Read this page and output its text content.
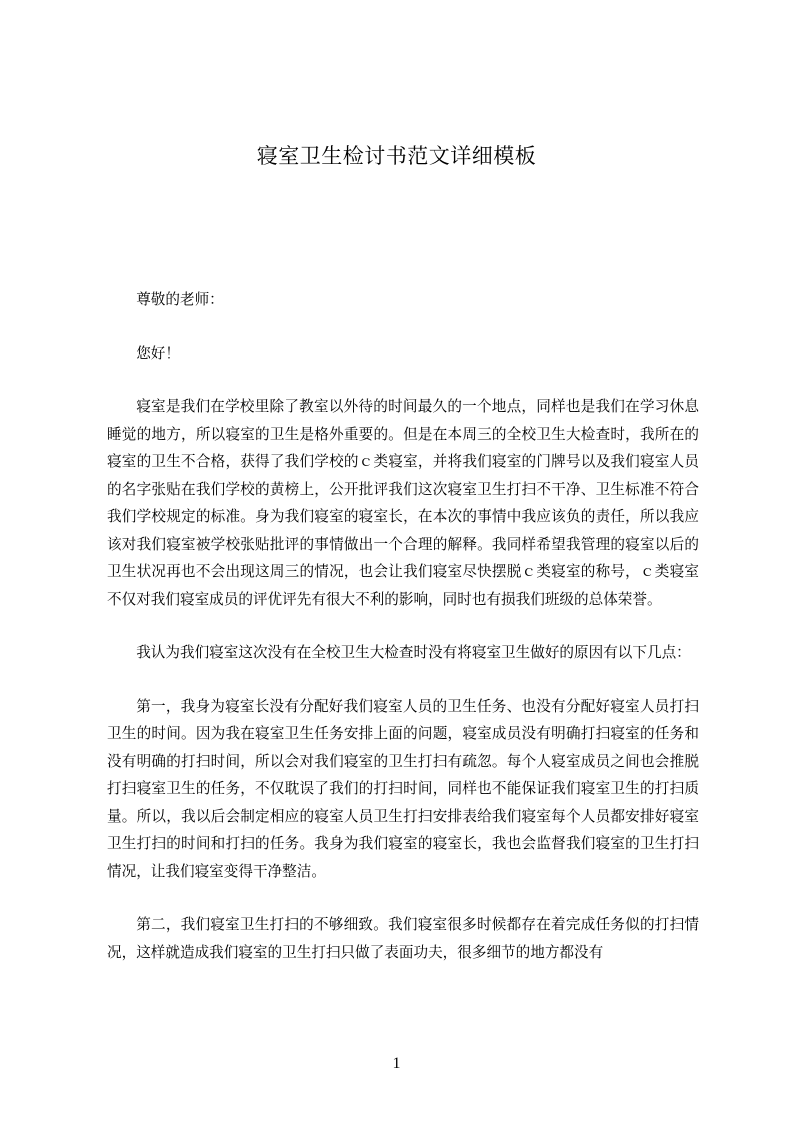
寝室卫生检讨书范文详细模板

尊敬的老师：

您好！

寝室是我们在学校里除了教室以外待的时间最久的一个地点，同样也是我们在学习休息睡觉的地方，所以寝室的卫生是格外重要的。但是在本周三的全校卫生大检查时，我所在的寝室的卫生不合格，获得了我们学校的ｃ类寝室，并将我们寝室的门牌号以及我们寝室人员的名字张贴在我们学校的黄榜上，公开批评我们这次寝室卫生打扫不干净、卫生标准不符合我们学校规定的标准。身为我们寝室的寝室长，在本次的事情中我应该负的责任，所以我应该对我们寝室被学校张贴批评的事情做出一个合理的解释。我同样希望我管理的寝室以后的卫生状况再也不会出现这周三的情况，也会让我们寝室尽快摆脱ｃ类寝室的称号，ｃ类寝室不仅对我们寝室成员的评优评先有很大不利的影响，同时也有损我们班级的总体荣誉。

我认为我们寝室这次没有在全校卫生大检查时没有将寝室卫生做好的原因有以下几点：

第一，我身为寝室长没有分配好我们寝室人员的卫生任务、也没有分配好寝室人员打扫卫生的时间。因为我在寝室卫生任务安排上面的问题，寝室成员没有明确打扫寝室的任务和没有明确的打扫时间，所以会对我们寝室的卫生打扫有疏忽。每个人寝室成员之间也会推脱打扫寝室卫生的任务，不仅耽误了我们的打扫时间，同样也不能保证我们寝室卫生的打扫质量。所以，我以后会制定相应的寝室人员卫生打扫安排表给我们寝室每个人员都安排好寝室卫生打扫的时间和打扫的任务。我身为我们寝室的寝室长，我也会监督我们寝室的卫生打扫情况，让我们寝室变得干净整洁。

第二，我们寝室卫生打扫的不够细致。我们寝室很多时候都存在着完成任务似的打扫情况，这样就造成我们寝室的卫生打扫只做了表面功夫，很多细节的地方都没有

1
